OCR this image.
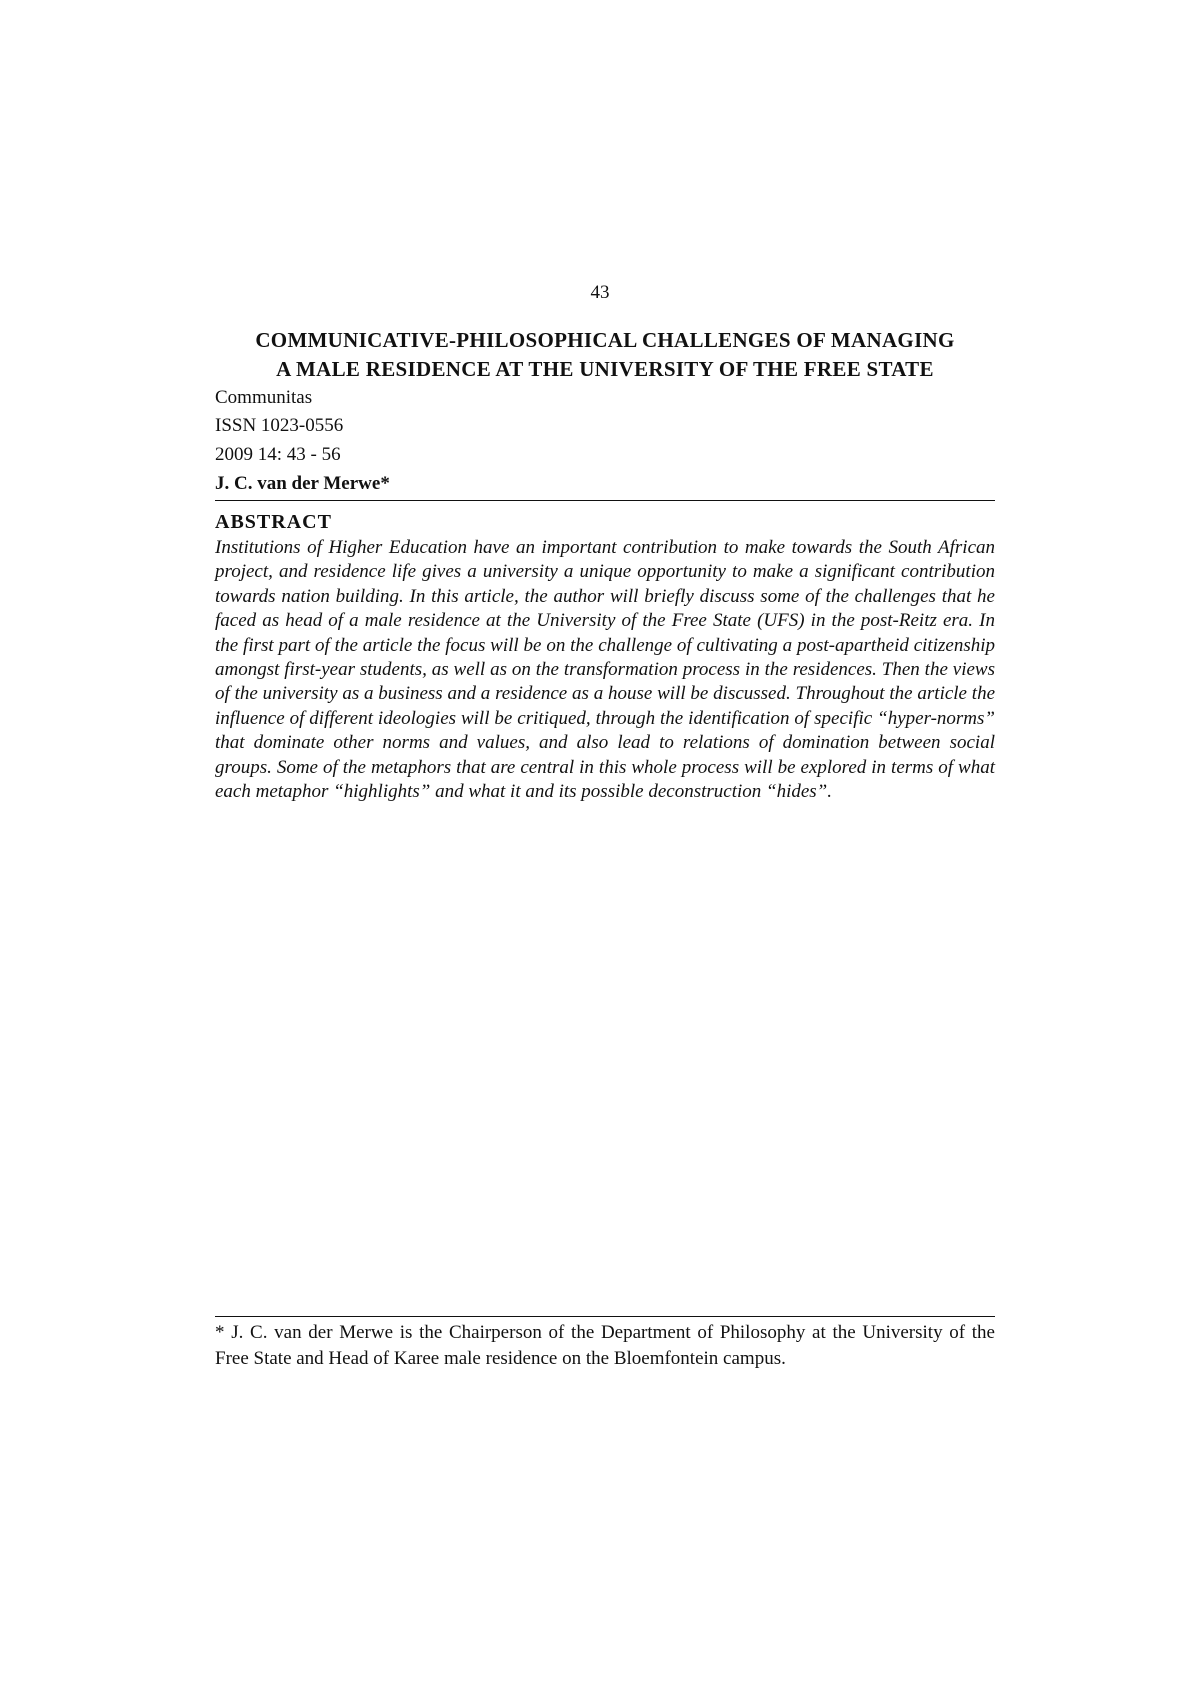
43
COMMUNICATIVE-PHILOSOPHICAL CHALLENGES OF MANAGING
A MALE RESIDENCE AT THE UNIVERSITY OF THE FREE STATE
Communitas
ISSN 1023-0556
2009 14: 43 - 56
J. C. van der Merwe*
ABSTRACT
Institutions of Higher Education have an important contribution to make towards the South African project, and residence life gives a university a unique opportunity to make a significant contribution towards nation building. In this article, the author will briefly discuss some of the challenges that he faced as head of a male residence at the University of the Free State (UFS) in the post-Reitz era. In the first part of the article the focus will be on the challenge of cultivating a post-apartheid citizenship amongst first-year students, as well as on the transformation process in the residences. Then the views of the university as a business and a residence as a house will be discussed. Throughout the article the influence of different ideologies will be critiqued, through the identification of specific “hyper-norms” that dominate other norms and values, and also lead to relations of domination between social groups. Some of the metaphors that are central in this whole process will be explored in terms of what each metaphor “highlights” and what it and its possible deconstruction “hides”.
* J. C. van der Merwe is the Chairperson of the Department of Philosophy at the University of the Free State and Head of Karee male residence on the Bloemfontein campus.
